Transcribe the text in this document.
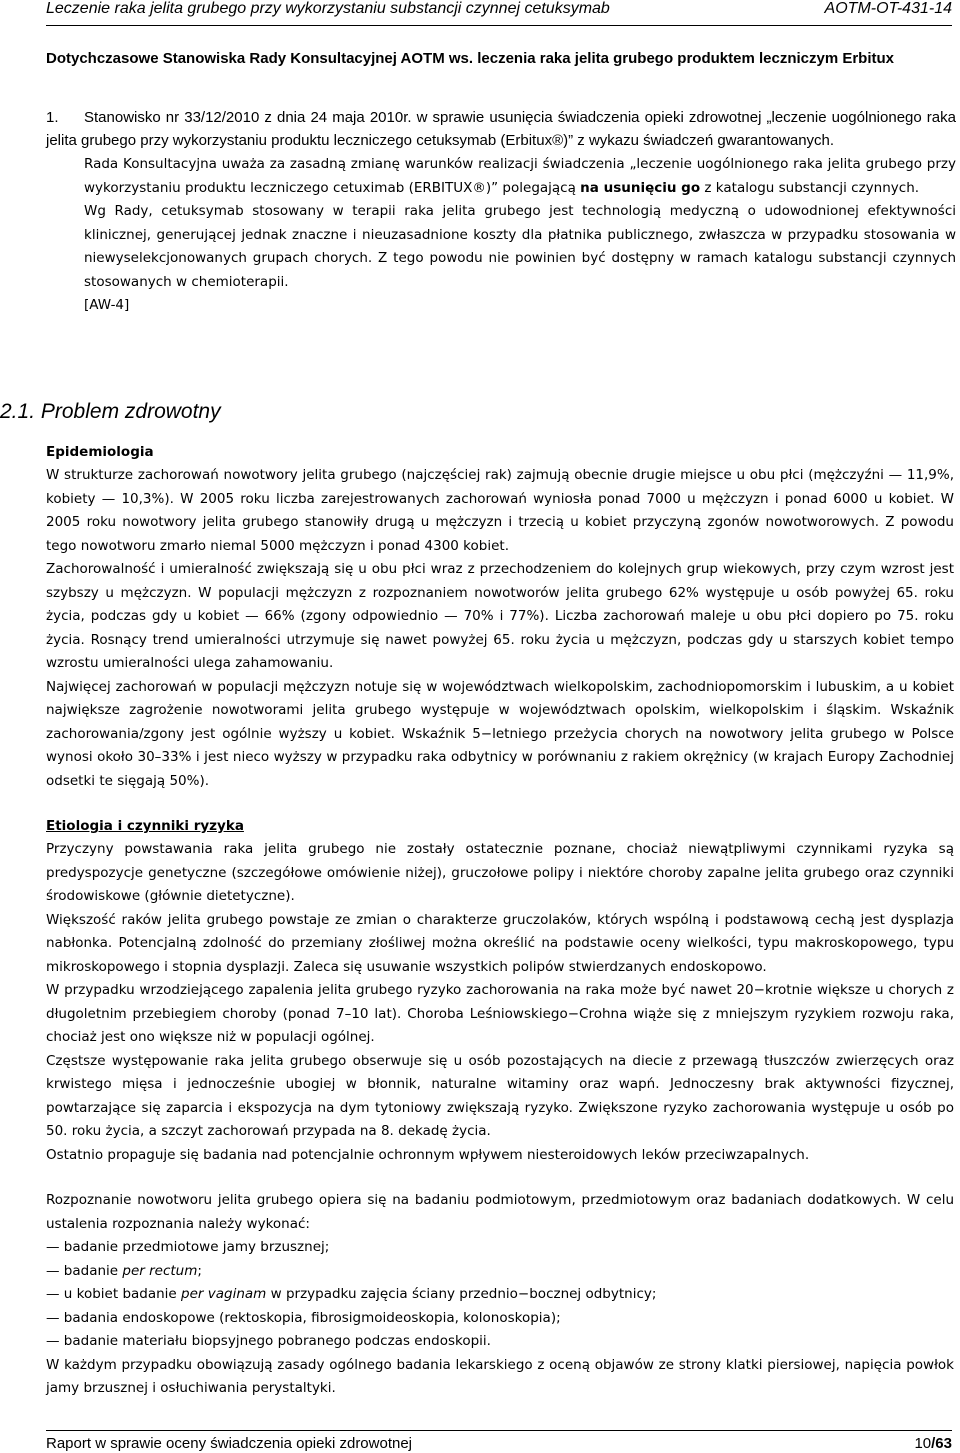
Leczenie raka jelita grubego przy wykorzystaniu substancji czynnej cetuksymab	AOTM-OT-431-14
Dotychczasowe Stanowiska Rady Konsultacyjnej AOTM ws. leczenia raka jelita grubego produktem leczniczym Erbitux
1. Stanowisko nr 33/12/2010 z dnia 24 maja 2010r. w sprawie usunięcia świadczenia opieki zdrowotnej „leczenie uogólnionego raka jelita grubego przy wykorzystaniu produktu leczniczego cetuksymab (Erbitux®)” z wykazu świadczeń gwarantowanych.
Rada Konsultacyjna uważa za zasadną zmianę warunków realizacji świadczenia „leczenie uogólnionego raka jelita grubego przy wykorzystaniu produktu leczniczego cetuximab (ERBITUX®)” polegającą na usunięciu go z katalogu substancji czynnych.
Wg Rady, cetuksymab stosowany w terapii raka jelita grubego jest technologią medyczną o udowodnionej efektywności klinicznej, generującej jednak znaczne i nieuzasadnione koszty dla płatnika publicznego, zwłaszcza w przypadku stosowania w niewyselekcjonowanych grupach chorych. Z tego powodu nie powinien być dostępny w ramach katalogu substancji czynnych stosowanych w chemioterapii.
[AW-4]
2.1. Problem zdrowotny
Epidemiologia
W strukturze zachorowań nowotwory jelita grubego (najczęściej rak) zajmują obecnie drugie miejsce u obu płci (mężczyźni — 11,9%, kobiety — 10,3%). W 2005 roku liczba zarejestrowanych zachorowań wyniosła ponad 7000 u mężczyzn i ponad 6000 u kobiet. W 2005 roku nowotwory jelita grubego stanowiły drugą u mężczyzn i trzecią u kobiet przyczyną zgonów nowotworowych. Z powodu tego nowotworu zmarło niemal 5000 mężczyzn i ponad 4300 kobiet.
Zachorowalność i umieralność zwiększają się u obu płci wraz z przechodzeniem do kolejnych grup wiekowych, przy czym wzrost jest szybszy u mężczyzn. W populacji mężczyzn z rozpoznaniem nowotworów jelita grubego 62% występuje u osób powyżej 65. roku życia, podczas gdy u kobiet — 66% (zgony odpowiednio — 70% i 77%). Liczba zachorowań maleje u obu płci dopiero po 75. roku życia. Rosnący trend umieralności utrzymuje się nawet powyżej 65. roku życia u mężczyzn, podczas gdy u starszych kobiet tempo wzrostu umieralności ulega zahamowaniu.
Najwięcej zachorowań w populacji mężczyzn notuje się w województwach wielkopolskim, zachodniopomorskim i lubuskim, a u kobiet największe zagrożenie nowotworami jelita grubego występuje w województwach opolskim, wielkopolskim i śląskim. Wskaźnik zachorowania/zgony jest ogólnie wyższy u kobiet. Wskaźnik 5−letniego przeżycia chorych na nowotwory jelita grubego w Polsce wynosi około 30–33% i jest nieco wyższy w przypadku raka odbytnicy w porównaniu z rakiem okrężnicy (w krajach Europy Zachodniej odsetki te sięgają 50%).
Etiologia i czynniki ryzyka
Przyczyny powstawania raka jelita grubego nie zostały ostatecznie poznane, chociaż niewątpliwymi czynnikami ryzyka są predyspozycje genetyczne (szczegółowe omówienie niżej), gruczołowe polipy i niektóre choroby zapalne jelita grubego oraz czynniki środowiskowe (głównie dietetyczne).
Większość raków jelita grubego powstaje ze zmian o charakterze gruczolaków, których wspólną i podstawową cechą jest dysplazja nabłonka. Potencjalną zdolność do przemiany złośliwej można określić na podstawie oceny wielkości, typu makroskopowego, typu mikroskopowego i stopnia dysplazji. Zaleca się usuwanie wszystkich polipów stwierdzanych endoskopowo.
W przypadku wrzodziejącego zapalenia jelita grubego ryzyko zachorowania na raka może być nawet 20−krotnie większe u chorych z długoletnim przebiegiem choroby (ponad 7–10 lat). Choroba Leśniowskiego−Crohna wiąże się z mniejszym ryzykiem rozwoju raka, chociaż jest ono większe niż w populacji ogólnej.
Częstsze występowanie raka jelita grubego obserwuje się u osób pozostających na diecie z przewagą tłuszczów zwierzęcych oraz krwistego mięsa i jednocześnie ubogiej w błonnik, naturalne witaminy oraz wapń. Jednoczesny brak aktywności fizycznej, powtarzające się zaparcia i ekspozycja na dym tytoniowy zwiększają ryzyko. Zwiększone ryzyko zachorowania występuje u osób po 50. roku życia, a szczyt zachorowań przypada na 8. dekadę życia.
Ostatnio propaguje się badania nad potencjalnie ochronnym wpływem niesteroidowych leków przeciwzapalnych.
Rozpoznanie nowotworu jelita grubego opiera się na badaniu podmiotowym, przedmiotowym oraz badaniach dodatkowych. W celu ustalenia rozpoznania należy wykonać:
— badanie przedmiotowe jamy brzusznej;
— badanie per rectum;
— u kobiet badanie per vaginam w przypadku zajęcia ściany przednio−bocznej odbytnicy;
— badania endoskopowe (rektoskopia, fibrosigmoideoskopia, kolonoskopia);
— badanie materiału biopsyjnego pobranego podczas endoskopii.
W każdym przypadku obowiązują zasady ogólnego badania lekarskiego z oceną objawów ze strony klatki piersiowej, napięcia powłok jamy brzusznej i osłuchiwania perystaltyki.
Raport w sprawie oceny świadczenia opieki zdrowotnej	10/63
